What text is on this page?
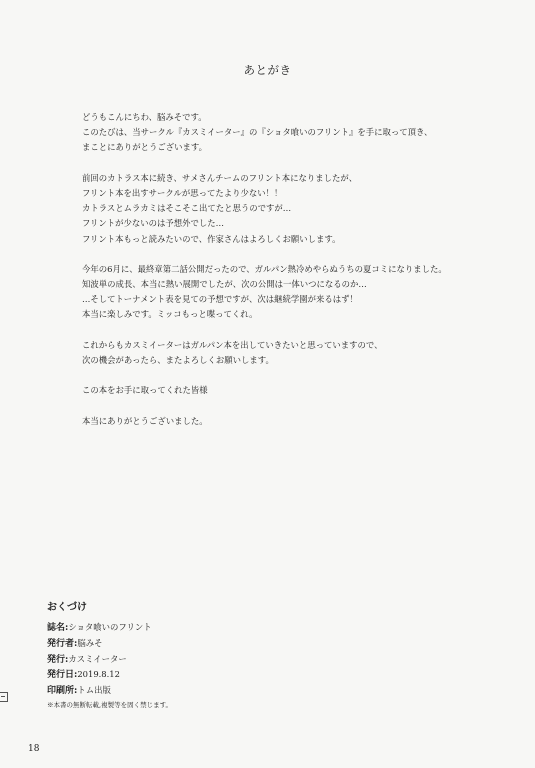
あとがき
どうもこんにちわ、脳みそです。
このたびは、当サークル『カスミイーター』の『ショタ喰いのフリント』を手に取って頂き、
まことにありがとうございます。
前回のカトラス本に続き、サメさんチームのフリント本になりましたが、
フリント本を出すサークルが思ってたより少ない！！
カトラスとムラカミはそこそこ出てたと思うのですが…
フリントが少ないのは予想外でした…
フリント本もっと読みたいので、作家さんはよろしくお願いします。
今年の6月に、最終章第二話公開だったので、ガルパン熱冷めやらぬうちの夏コミになりました。
知波単の成長、本当に熱い展開でしたが、次の公開は一体いつになるのか…
…そしてトーナメント表を見ての予想ですが、次は継続学園が来るはず！
本当に楽しみです。ミッコもっと喋ってくれ。
これからもカスミイーターはガルパン本を出していきたいと思っていますので、
次の機会があったら、またよろしくお願いします。
この本をお手に取ってくれた皆様
本当にありがとうございました。
おくづけ
誌名:ショタ喰いのフリント
発行者:脳みそ
発行:カスミイーター
発行日:2019.8.12
印刷所:トム出版
※本書の無断転載,複製等を固く禁じます。
18
